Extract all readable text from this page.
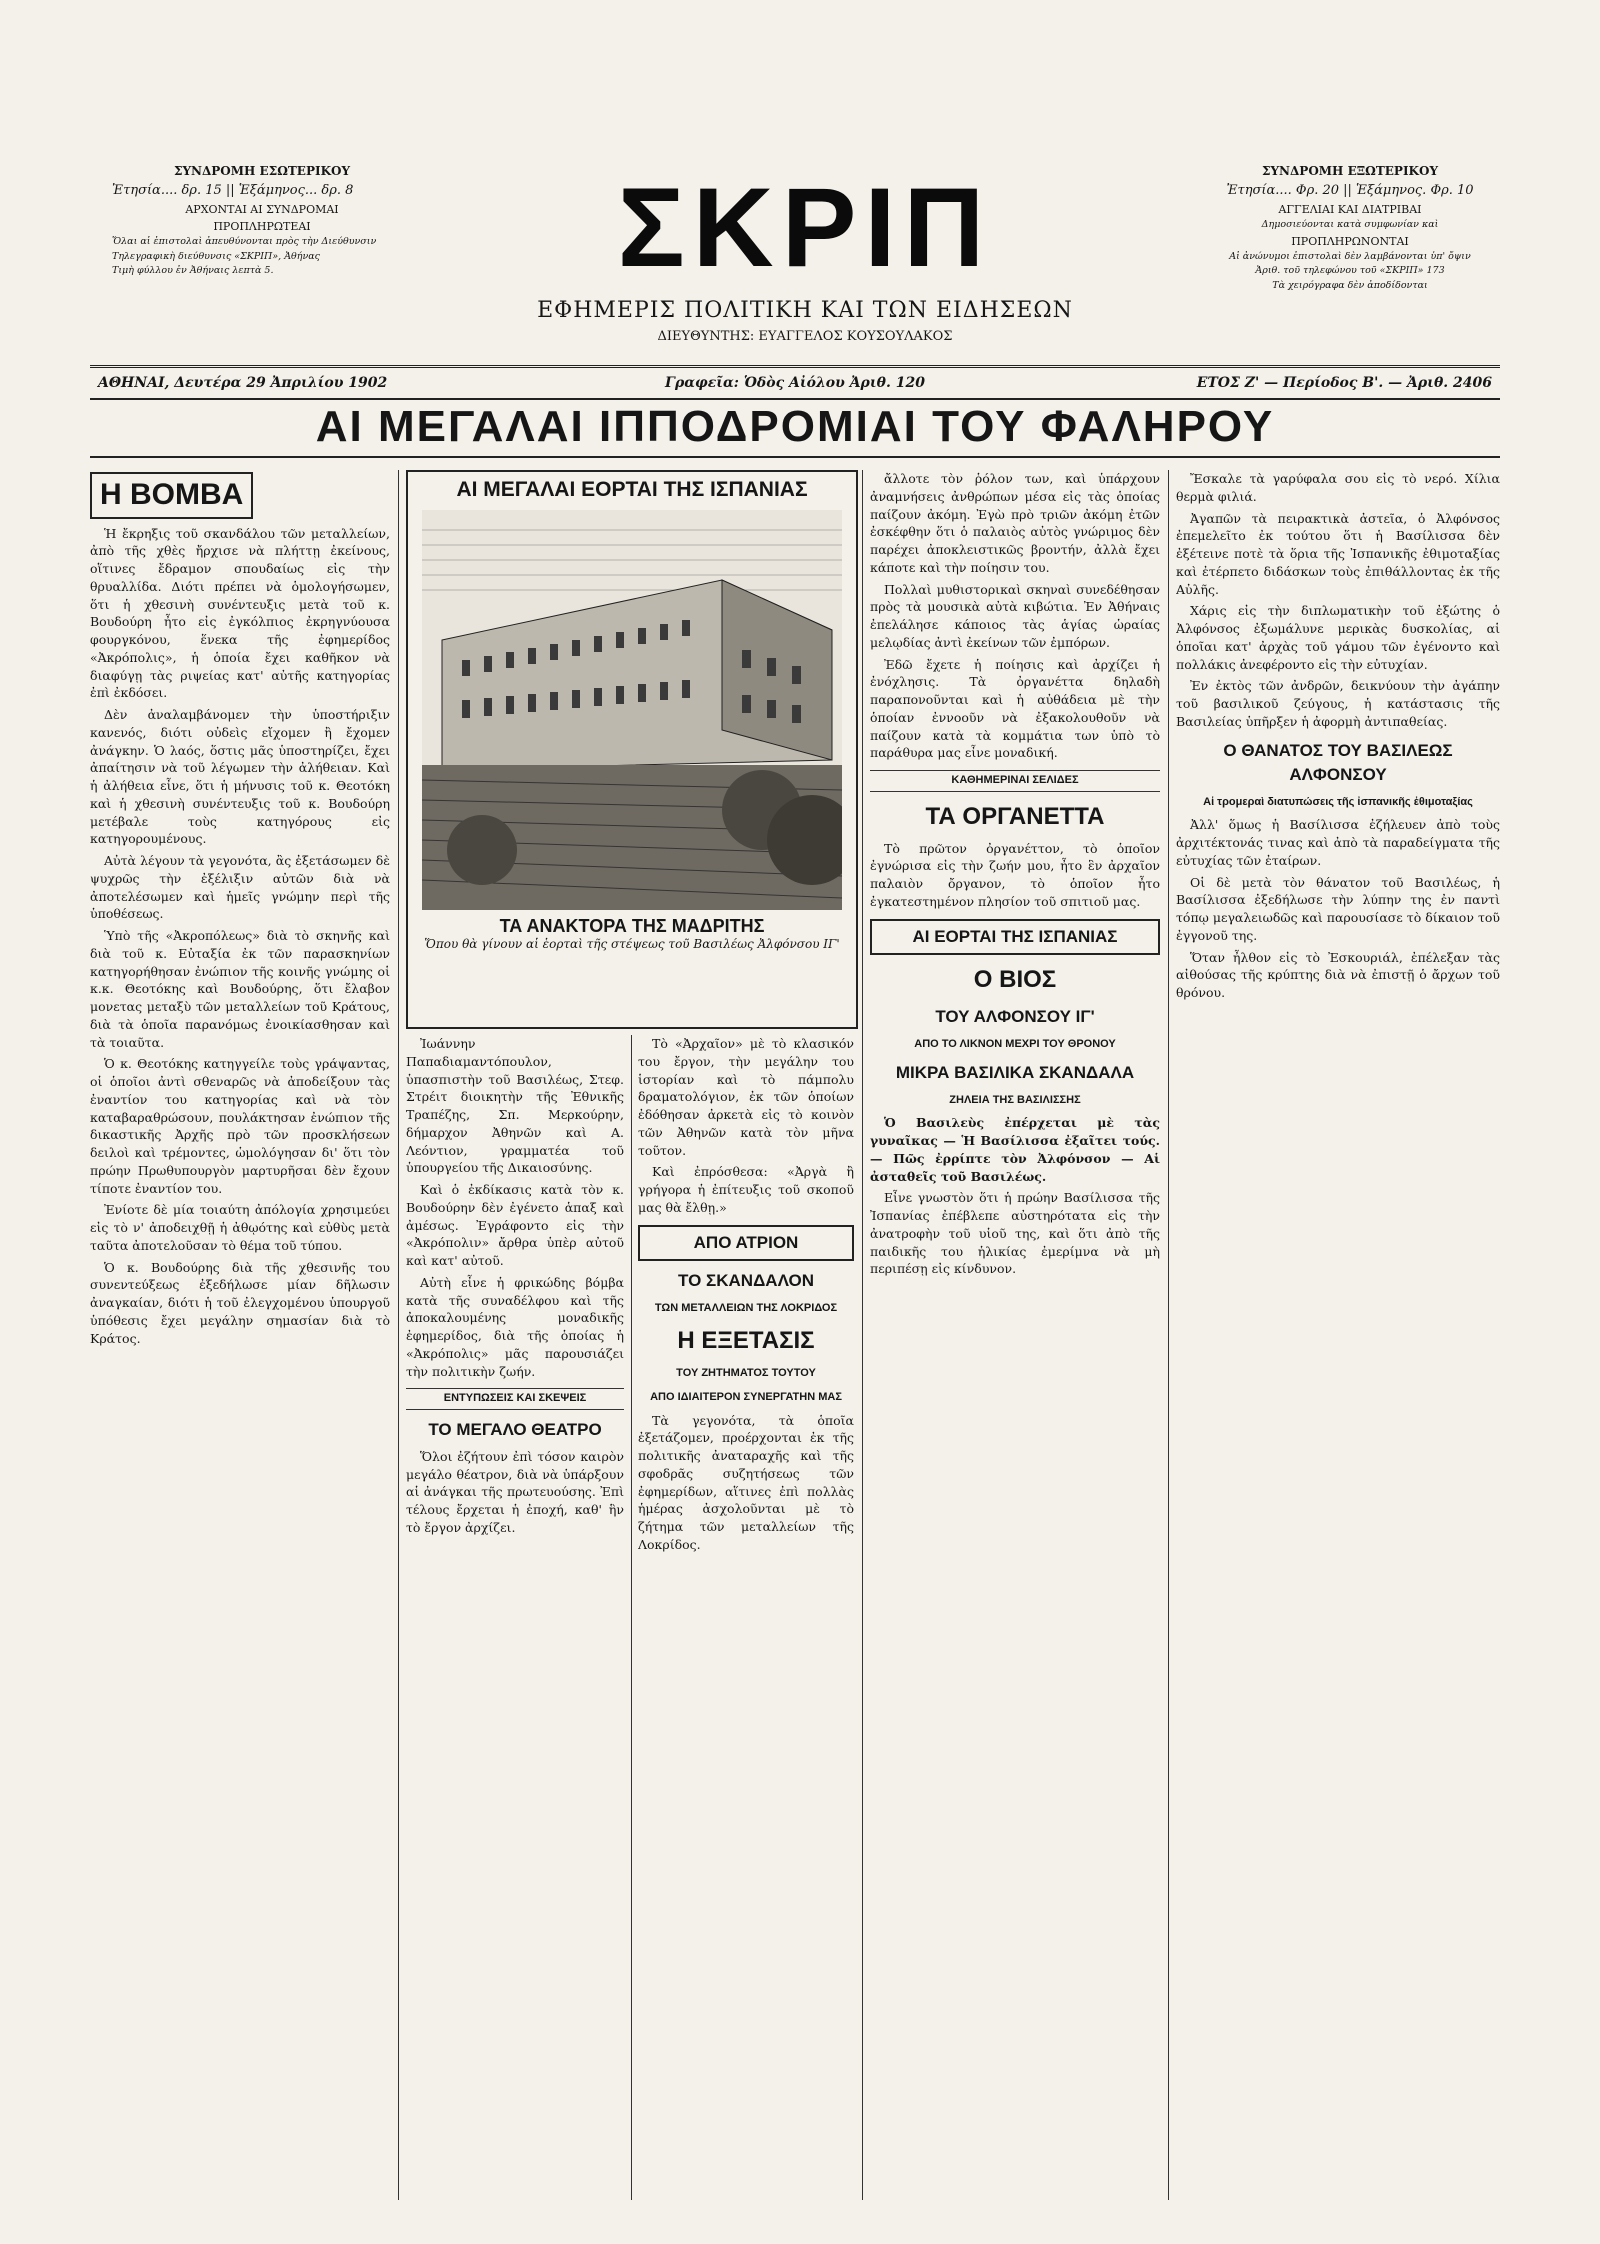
ΣΥΝΔΡΟΜΗ ΕΣΩΤΕΡΙΚΟΥ
Ἐτησία.... δρ. 15 || Ἑξάμηνος... δρ. 8
ΑΡΧΟΝΤΑΙ ΑΙ ΣΥΝΔΡΟΜΑΙ
ΠΡΟΠΛΗΡΩΤΕΑΙ
Ὅλαι αἱ ἐπιστολαὶ ἀπευθύνονται πρὸς τὴν Διεύθυνσιν
Τηλεγραφικὴ διεύθυνσις «ΣΚΡΙΠ», Ἀθήνας
Τιμὴ φύλλου ἐν Ἀθήναις λεπτὰ 5.	ΣΚΡΙΠ
ΕΦΗΜΕΡΙΣ ΠΟΛΙΤΙΚΗ ΚΑΙ ΤΩΝ ΕΙΔΗΣΕΩΝ
ΔΙΕΥΘΥΝΤΗΣ: ΕΥΑΓΓΕΛΟΣ ΚΟΥΣΟΥΛΑΚΟΣ
ΣΥΝΔΡΟΜΗ ΕΞΩΤΕΡΙΚΟΥ
Ἐτησία.... Φρ. 20 || Ἑξάμηνος. Φρ. 10
ΑΓΓΕΛΙΑΙ ΚΑΙ ΔΙΑΤΡΙΒΑΙ
Δημοσιεύονται κατὰ συμφωνίαν καὶ
ΠΡΟΠΛΗΡΩΝΟΝΤΑΙ
Αἱ ἀνώνυμοι ἐπιστολαὶ δὲν λαμβάνονται ὑπ' ὄψιν
Ἀριθ. τοῦ τηλεφώνου τοῦ «ΣΚΡΙΠ» 173
Τὰ χειρόγραφα δὲν ἀποδίδονται
ΑΘΗΝΑΙ, Δευτέρα 29 Ἀπριλίου 1902	Γραφεῖα: Ὁδὸς Αἰόλου Ἀριθ. 120	ΕΤΟΣ Ζ' — Περίοδος Β'. — Ἀριθ. 2406
ΑΙ ΜΕΓΑΛΑΙ ΙΠΠΟΔΡΟΜΙΑΙ ΤΟΥ ΦΑΛΗΡΟΥ
Η ΒΟΜΒΑ

Ἡ ἔκρηξις τοῦ σκανδάλου τῶν μεταλλείων, ἀπὸ τῆς χθὲς ἤρχισε νὰ πλήττῃ ἐκείνους, οἵτινες ἔδραμον σπουδαίως εἰς τὴν θρυαλλίδα. Διότι πρέπει νὰ ὁμολογήσωμεν, ὅτι ἡ χθεσινὴ συνέντευξις μετὰ τοῦ κ. Βουδούρη ἦτο εἰς ἐγκόλπιος ἐκρηγνύουσα φουργκόνου, ἕνεκα τῆς ἐφημερίδος «Ἀκρόπολις», ἡ ὁποία ἔχει καθῆκον νὰ διαφύγῃ τὰς ριψείας κατ' αὐτῆς κατηγορίας ἐπὶ ἐκδόσει.

Δὲν ἀναλαμβάνομεν τὴν ὑποστήριξιν κανενός, διότι οὐδεὶς εἴχομεν ἢ ἔχομεν ἀνάγκην. Ὁ λαός, ὅστις μᾶς ὑποστηρίζει, ἔχει ἀπαίτησιν νὰ τοῦ λέγωμεν τὴν ἀλήθειαν. Καὶ ἡ ἀλήθεια εἶνε, ὅτι ἡ μήνυσις τοῦ κ. Θεοτόκη καὶ ἡ χθεσινὴ συνέντευξις τοῦ κ. Βουδούρη μετέβαλε τοὺς κατηγόρους εἰς κατηγορουμένους.

Αὐτὰ λέγουν τὰ γεγονότα, ἂς ἐξετάσωμεν δὲ ψυχρῶς τὴν ἐξέλιξιν αὐτῶν διὰ νὰ ἀποτελέσωμεν καὶ ἡμεῖς γνώμην περὶ τῆς ὑποθέσεως.

Ὑπὸ τῆς «Ἀκροπόλεως» διὰ τὸ σκηνῆς καὶ διὰ τοῦ κ. Εὐταξία ἐκ τῶν παρασκηνίων κατηγορήθησαν ἐνώπιον τῆς κοινῆς γνώμης οἱ κ.κ. Θεοτόκης καὶ Βουδούρης, ὅτι ἔλαβον μονετας μεταξὺ τῶν μεταλλείων τοῦ Κράτους, διὰ τὰ ὁποῖα παρανόμως ἐνοικίασθησαν καὶ τὰ τοιαῦτα.

Ὁ κ. Θεοτόκης κατηγγείλε τοὺς γράψαντας, οἱ ὁποῖοι ἀντὶ σθεναρῶς νὰ ἀποδείξουν τὰς ἐναντίον του κατηγορίας καὶ νὰ τὸν καταβαραθρώσουν, πουλάκτησαν ἐνώπιον τῆς δικαστικῆς Ἀρχῆς πρὸ τῶν προσκλήσεων δειλοὶ καὶ τρέμοντες, ὡμολόγησαν δι' ὅτι τὸν πρώην Πρωθυπουργὸν μαρτυρῆσαι δὲν ἔχουν τίποτε ἐναντίον του.

Ἐνίοτε δὲ μία τοιαύτη ἀπόλογία χρησιμεύει εἰς τὸ ν' ἀποδειχθῇ ἡ ἀθῳότης καὶ εὐθὺς μετὰ ταῦτα ἀποτελοῦσαν τὸ θέμα τοῦ τύπου.

Ὁ κ. Βουδούρης διὰ τῆς χθεσινῆς του συνεντεύξεως ἐξεδήλωσε μίαν δῆλωσιν ἀναγκαίαν, διότι ἡ τοῦ ἐλεγχομένου ὑπουργοῦ ὑπόθεσις ἔχει μεγάλην σημασίαν διὰ τὸ Κράτος.

ΑΙ ΜΕΓΑΛΑΙ ΕΟΡΤΑΙ ΤΗΣ ΙΣΠΑΝΙΑΣ
ΤΑ ΑΝΑΚΤΟΡΑ ΤΗΣ ΜΑΔΡΙΤΗΣ
Ὅπου θὰ γίνουν αἱ ἑορταὶ τῆς στέψεως τοῦ Βασιλέως Ἀλφόνσου ΙΓ'

Ἰωάννην Παπαδιαμαντόπουλον, ὑπασπιστὴν τοῦ Βασιλέως, Στεφ. Στρέιτ διοικητὴν τῆς Ἐθνικῆς Τραπέζης, Σπ. Μερκούρην, δήμαρχον Ἀθηνῶν καὶ Α. Λεόντιον, γραμματέα τοῦ ὑπουργείου τῆς Δικαιοσύνης.

Καὶ ὁ ἐκδίκασις κατὰ τὸν κ. Βουδούρην δὲν ἐγένετο ἁπαξ καὶ ἀμέσως. Ἐγράφοντο εἰς τὴν «Ἀκρόπολιν» ἄρθρα ὑπὲρ αὐτοῦ καὶ κατ' αὐτοῦ.

Αὐτὴ εἶνε ἡ φρικώδης βόμβα κατὰ τῆς συναδέλφου καὶ τῆς ἀποκαλουμένης μοναδικῆς ἐφημερίδος, διὰ τῆς ὁποίας ἡ «Ἀκρόπολις» μᾶς παρουσιάζει τὴν πολιτικὴν ζωήν.

ΕΝΤΥΠΩΣΕΙΣ ΚΑΙ ΣΚΕΨΕΙΣ
ΤΟ ΜΕΓΑΛΟ ΘΕΑΤΡΟ

Ὅλοι ἐζήτουν ἐπὶ τόσον καιρὸν μεγάλο θέατρον, διὰ νὰ ὑπάρξουν αἱ ἀνάγκαι τῆς πρωτευούσης. Ἐπὶ τέλους ἔρχεται ἡ ἐποχή, καθ' ἣν τὸ ἔργον ἀρχίζει.

Τὸ «Ἀρχαῖον» μὲ τὸ κλασικόν του ἔργον, τὴν μεγάλην του ἱστορίαν καὶ τὸ πάμπολυ δραματολόγιον, ἐκ τῶν ὁποίων ἐδόθησαν ἀρκετὰ εἰς τὸ κοινὸν τῶν Ἀθηνῶν κατὰ τὸν μῆνα τοῦτον.

Καὶ ἐπρόσθεσα: «Ἀργὰ ἢ γρήγορα ἡ ἐπίτευξις τοῦ σκοποῦ μας θὰ ἔλθῃ.»

ΑΠΟ ΑΤΡΙΟΝ
ΤΟ ΣΚΑΝΔΑΛΟΝ
ΤΩΝ ΜΕΤΑΛΛΕΙΩΝ ΤΗΣ ΛΟΚΡΙΔΟΣ
Η ΕΞΕΤΑΣΙΣ
ΤΟΥ ΖΗΤΗΜΑΤΟΣ ΤΟΥΤΟΥ
ΑΠΟ ΙΔΙΑΙΤΕΡΟΝ ΣΥΝΕΡΓΑΤΗΝ ΜΑΣ

Τὰ γεγονότα, τὰ ὁποῖα ἐξετάζομεν, προέρχονται ἐκ τῆς πολιτικῆς ἀναταραχῆς καὶ τῆς σφοδρᾶς συζητήσεως τῶν ἐφημερίδων, αἵτινες ἐπὶ πολλὰς ἡμέρας ἀσχολοῦνται μὲ τὸ ζήτημα τῶν μεταλλείων τῆς Λοκρίδος.

ἄλλοτε τὸν ῥόλον των, καὶ ὑπάρχουν ἀναμνήσεις ἀνθρώπων μέσα εἰς τὰς ὁποίας παίζουν ἀκόμη. Ἐγὼ πρὸ τριῶν ἀκόμη ἐτῶν ἐσκέφθην ὅτι ὁ παλαιὸς αὐτὸς γνώριμος δὲν παρέχει ἀποκλειστικῶς βροντήν, ἀλλὰ ἔχει κάποτε καὶ τὴν ποίησιν του.

Πολλαὶ μυθιστορικαὶ σκηναὶ συνεδέθησαν πρὸς τὰ μουσικὰ αὐτὰ κιβώτια. Ἐν Ἀθήναις ἐπελάλησε κάποιος τὰς ἁγίας ὡραίας μελῳδίας ἀντὶ ἐκείνων τῶν ἐμπόρων.

Ἐδῶ ἔχετε ἡ ποίησις καὶ ἀρχίζει ἡ ἐνόχλησις. Τὰ ὀργανέττα δηλαδὴ παραπονοῦνται καὶ ἡ αὐθάδεια μὲ τὴν ὁποίαν ἐννοοῦν νὰ ἐξακολουθοῦν νὰ παίζουν κατὰ τὰ κομμάτια των ὑπὸ τὸ παράθυρα μας εἶνε μοναδική.

ΚΑΘΗΜΕΡΙΝΑΙ ΣΕΛΙΔΕΣ
ΤΑ ΟΡΓΑΝΕΤΤΑ

Τὸ πρῶτον ὀργανέττον, τὸ ὁποῖον ἐγνώρισα εἰς τὴν ζωήν μου, ἦτο ἓν ἀρχαῖον παλαιὸν ὄργανον, τὸ ὁποῖον ἦτο ἐγκατεστημένον πλησίον τοῦ σπιτιοῦ μας.

ΑΙ ΕΟΡΤΑΙ ΤΗΣ ΙΣΠΑΝΙΑΣ
Ο ΒΙΟΣ
ΤΟΥ ΑΛΦΟΝΣΟΥ ΙΓ'
ΑΠΟ ΤΟ ΛΙΚΝΟΝ ΜΕΧΡΙ ΤΟΥ ΘΡΟΝΟΥ
ΜΙΚΡΑ ΒΑΣΙΛΙΚΑ ΣΚΑΝΔΑΛΑ
ΖΗΛΕΙΑ ΤΗΣ ΒΑΣΙΛΙΣΣΗΣ

Ὁ Βασιλεὺς ἐπέρχεται μὲ τὰς γυναῖκας — Ἡ Βασίλισσα ἐξαῖτει τούς. — Πῶς ἐρρίπτε τὸν Ἀλφόνσον — Αἱ ἀσταθεῖς τοῦ Βασιλέως.

Εἶνε γνωστὸν ὅτι ἡ πρώην Βασίλισσα τῆς Ἰσπανίας ἐπέβλεπε αὐστηρότατα εἰς τὴν ἀνατροφὴν τοῦ υἱοῦ της, καὶ ὅτι ἀπὸ τῆς παιδικῆς του ἡλικίας ἐμερίμνα νὰ μὴ περιπέσῃ εἰς κίνδυνον.

Ἔσκαλε τὰ γαρύφαλα σου εἰς τὸ νερό. Χίλια θερμὰ φιλιά.

Ἀγαπῶν τὰ πειρακτικὰ ἀστεῖα, ὁ Ἀλφόνσος ἐπεμελεῖτο ἐκ τούτου ὅτι ἡ Βασίλισσα δὲν ἐξέτεινε ποτὲ τὰ ὅρια τῆς Ἰσπανικῆς ἐθιμοταξίας καὶ ἐτέρπετο διδάσκων τοὺς ἐπιθάλλοντας ἐκ τῆς Αὐλῆς.

Χάρις εἰς τὴν διπλωματικὴν τοῦ ἐξώτης ὁ Ἀλφόνσος ἐξωμάλυνε μερικὰς δυσκολίας, αἱ ὁποῖαι κατ' ἀρχὰς τοῦ γάμου τῶν ἐγένοντο καὶ πολλάκις ἀνεφέροντο εἰς τὴν εὐτυχίαν.

Ἐν ἐκτὸς τῶν ἀνδρῶν, δεικνύουν τὴν ἀγάπην τοῦ βασιλικοῦ ζεύγους, ἡ κατάστασις τῆς Βασιλείας ὑπῆρξεν ἡ ἀφορμὴ ἀντιπαθείας.

Ο ΘΑΝΑΤΟΣ ΤΟΥ ΒΑΣΙΛΕΩΣ ΑΛΦΟΝΣΟΥ
Αἱ τρομεραὶ διατυπώσεις τῆς ἰσπανικῆς ἐθιμοταξίας

Ἀλλ' ὅμως ἡ Βασίλισσα ἐζήλευεν ἀπὸ τοὺς ἀρχιτέκτονάς τινας καὶ ἀπὸ τὰ παραδείγματα τῆς εὐτυχίας τῶν ἐταίρων.

Οἱ δὲ μετὰ τὸν θάνατον τοῦ Βασιλέως, ἡ Βασίλισσα ἐξεδήλωσε τὴν λύπην της ἐν παντὶ τόπῳ μεγαλειωδῶς καὶ παρουσίασε τὸ δίκαιον τοῦ ἐγγονοῦ της.

Ὅταν ἦλθον εἰς τὸ Ἐσκουριάλ, ἐπέλεξαν τὰς αἰθούσας τῆς κρύπτης διὰ νὰ ἐπιστῇ ὁ ἄρχων τοῦ θρόνου.
